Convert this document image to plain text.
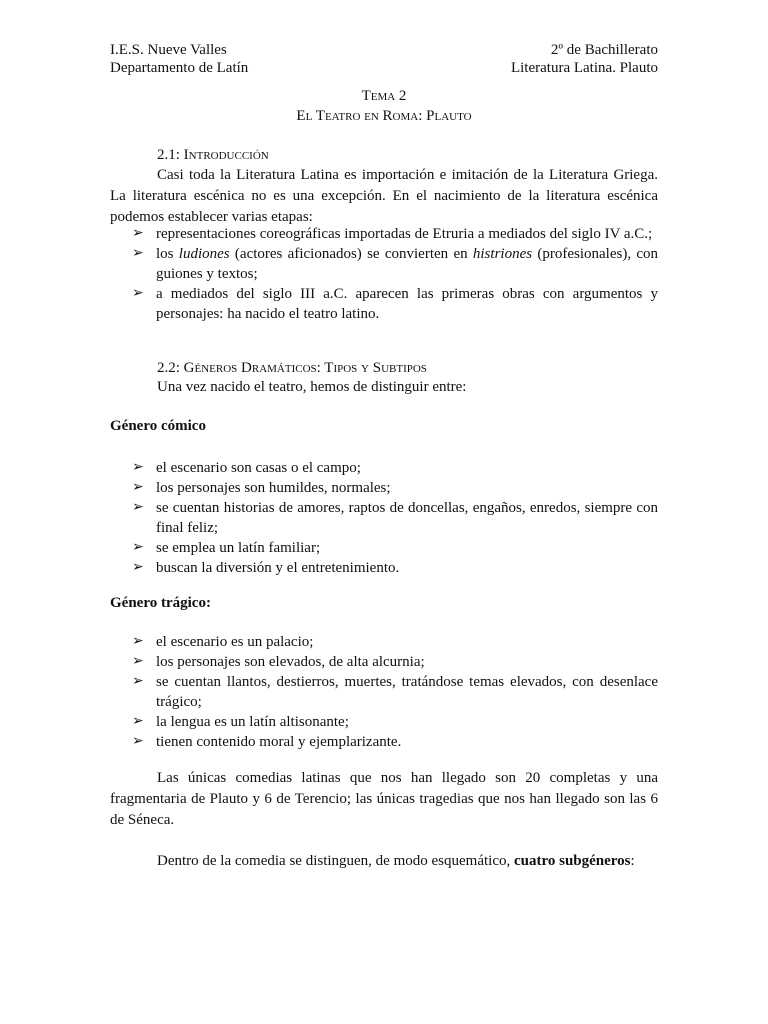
I.E.S. Nueve Valles
Departamento de Latín
2º de Bachillerato
Literatura Latina. Plauto
Tema 2
El Teatro en Roma: Plauto
2.1: Introducción
Casi toda la Literatura Latina es importación e imitación de la Literatura Griega. La literatura escénica no es una excepción. En el nacimiento de la literatura escénica podemos establecer varias etapas:
➢ representaciones coreográficas importadas de Etruria a mediados del siglo IV a.C.;
➢ los ludiones (actores aficionados) se convierten en histriones (profesionales), con guiones y textos;
➢ a mediados del siglo III a.C. aparecen las primeras obras con argumentos y personajes: ha nacido el teatro latino.
2.2: Géneros Dramáticos: Tipos y Subtipos
Una vez nacido el teatro, hemos de distinguir entre:
Género cómico
➢ el escenario son casas o el campo;
➢ los personajes son humildes, normales;
➢ se cuentan historias de amores, raptos de doncellas, engaños, enredos, siempre con final feliz;
➢ se emplea un latín familiar;
➢ buscan la diversión y el entretenimiento.
Género trágico:
➢ el escenario es un palacio;
➢ los personajes son elevados, de alta alcurnia;
➢ se cuentan llantos, destierros, muertes, tratándose temas elevados, con desenlace trágico;
➢ la lengua es un latín altisonante;
➢ tienen contenido moral y ejemplarizante.
Las únicas comedias latinas que nos han llegado son 20 completas y una fragmentaria de Plauto y 6 de Terencio; las únicas tragedias que nos han llegado son las 6 de Séneca.
Dentro de la comedia se distinguen, de modo esquemático, cuatro subgéneros:
